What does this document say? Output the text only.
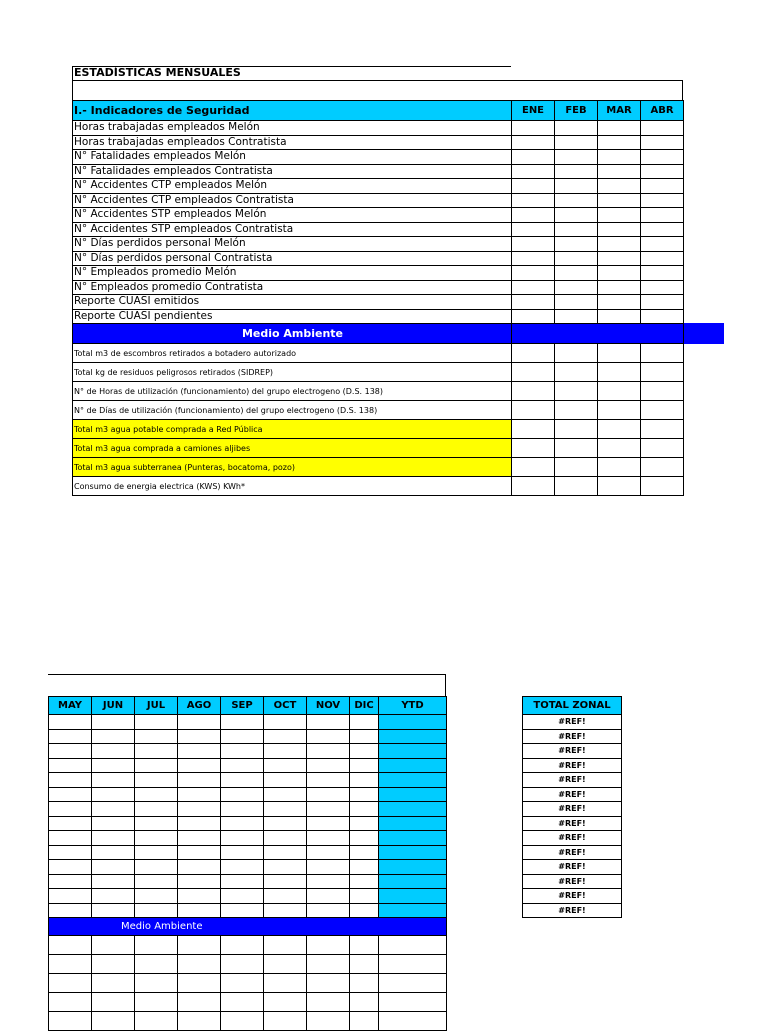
ESTADÍSTICAS MENSUALES
I.- Indicadores de Seguridad	ENE	FEB	MAR	ABR
Horas trabajadas empleados Melón				
Horas trabajadas empleados Contratista				
N° Fatalidades empleados Melón				
N° Fatalidades empleados Contratista				
N° Accidentes CTP empleados Melón				
N° Accidentes CTP empleados Contratista				
N° Accidentes STP empleados Melón				
N° Accidentes STP empleados Contratista				
N° Días perdidos personal Melón				
N° Días perdidos personal Contratista				
N° Empleados promedio Melón				
N° Empleados promedio Contratista				
Reporte CUASI emitidos				
Reporte CUASI pendientes				
Medio Ambiente				
Total m3 de escombros retirados a botadero autorizado				
Total kg de residuos peligrosos retirados (SIDREP)				
N° de Horas de utilización (funcionamiento) del grupo electrogeno (D.S. 138)				
N° de Días de utilización (funcionamiento) del grupo electrogeno (D.S. 138)				
Total m3 agua potable comprada a Red Pública				
Total m3 agua comprada a camiones aljibes				
Total m3 agua subterranea (Punteras, bocatoma, pozo)				
Consumo de energia electrica (KWS) KWh*				
MAY	JUN	JUL	AGO	SEP	OCT	NOV	DIC	YTD

Medio Ambiente								

TOTAL ZONAL
#REF!
#REF!
#REF!
#REF!
#REF!
#REF!
#REF!
#REF!
#REF!
#REF!
#REF!
#REF!
#REF!
#REF!
